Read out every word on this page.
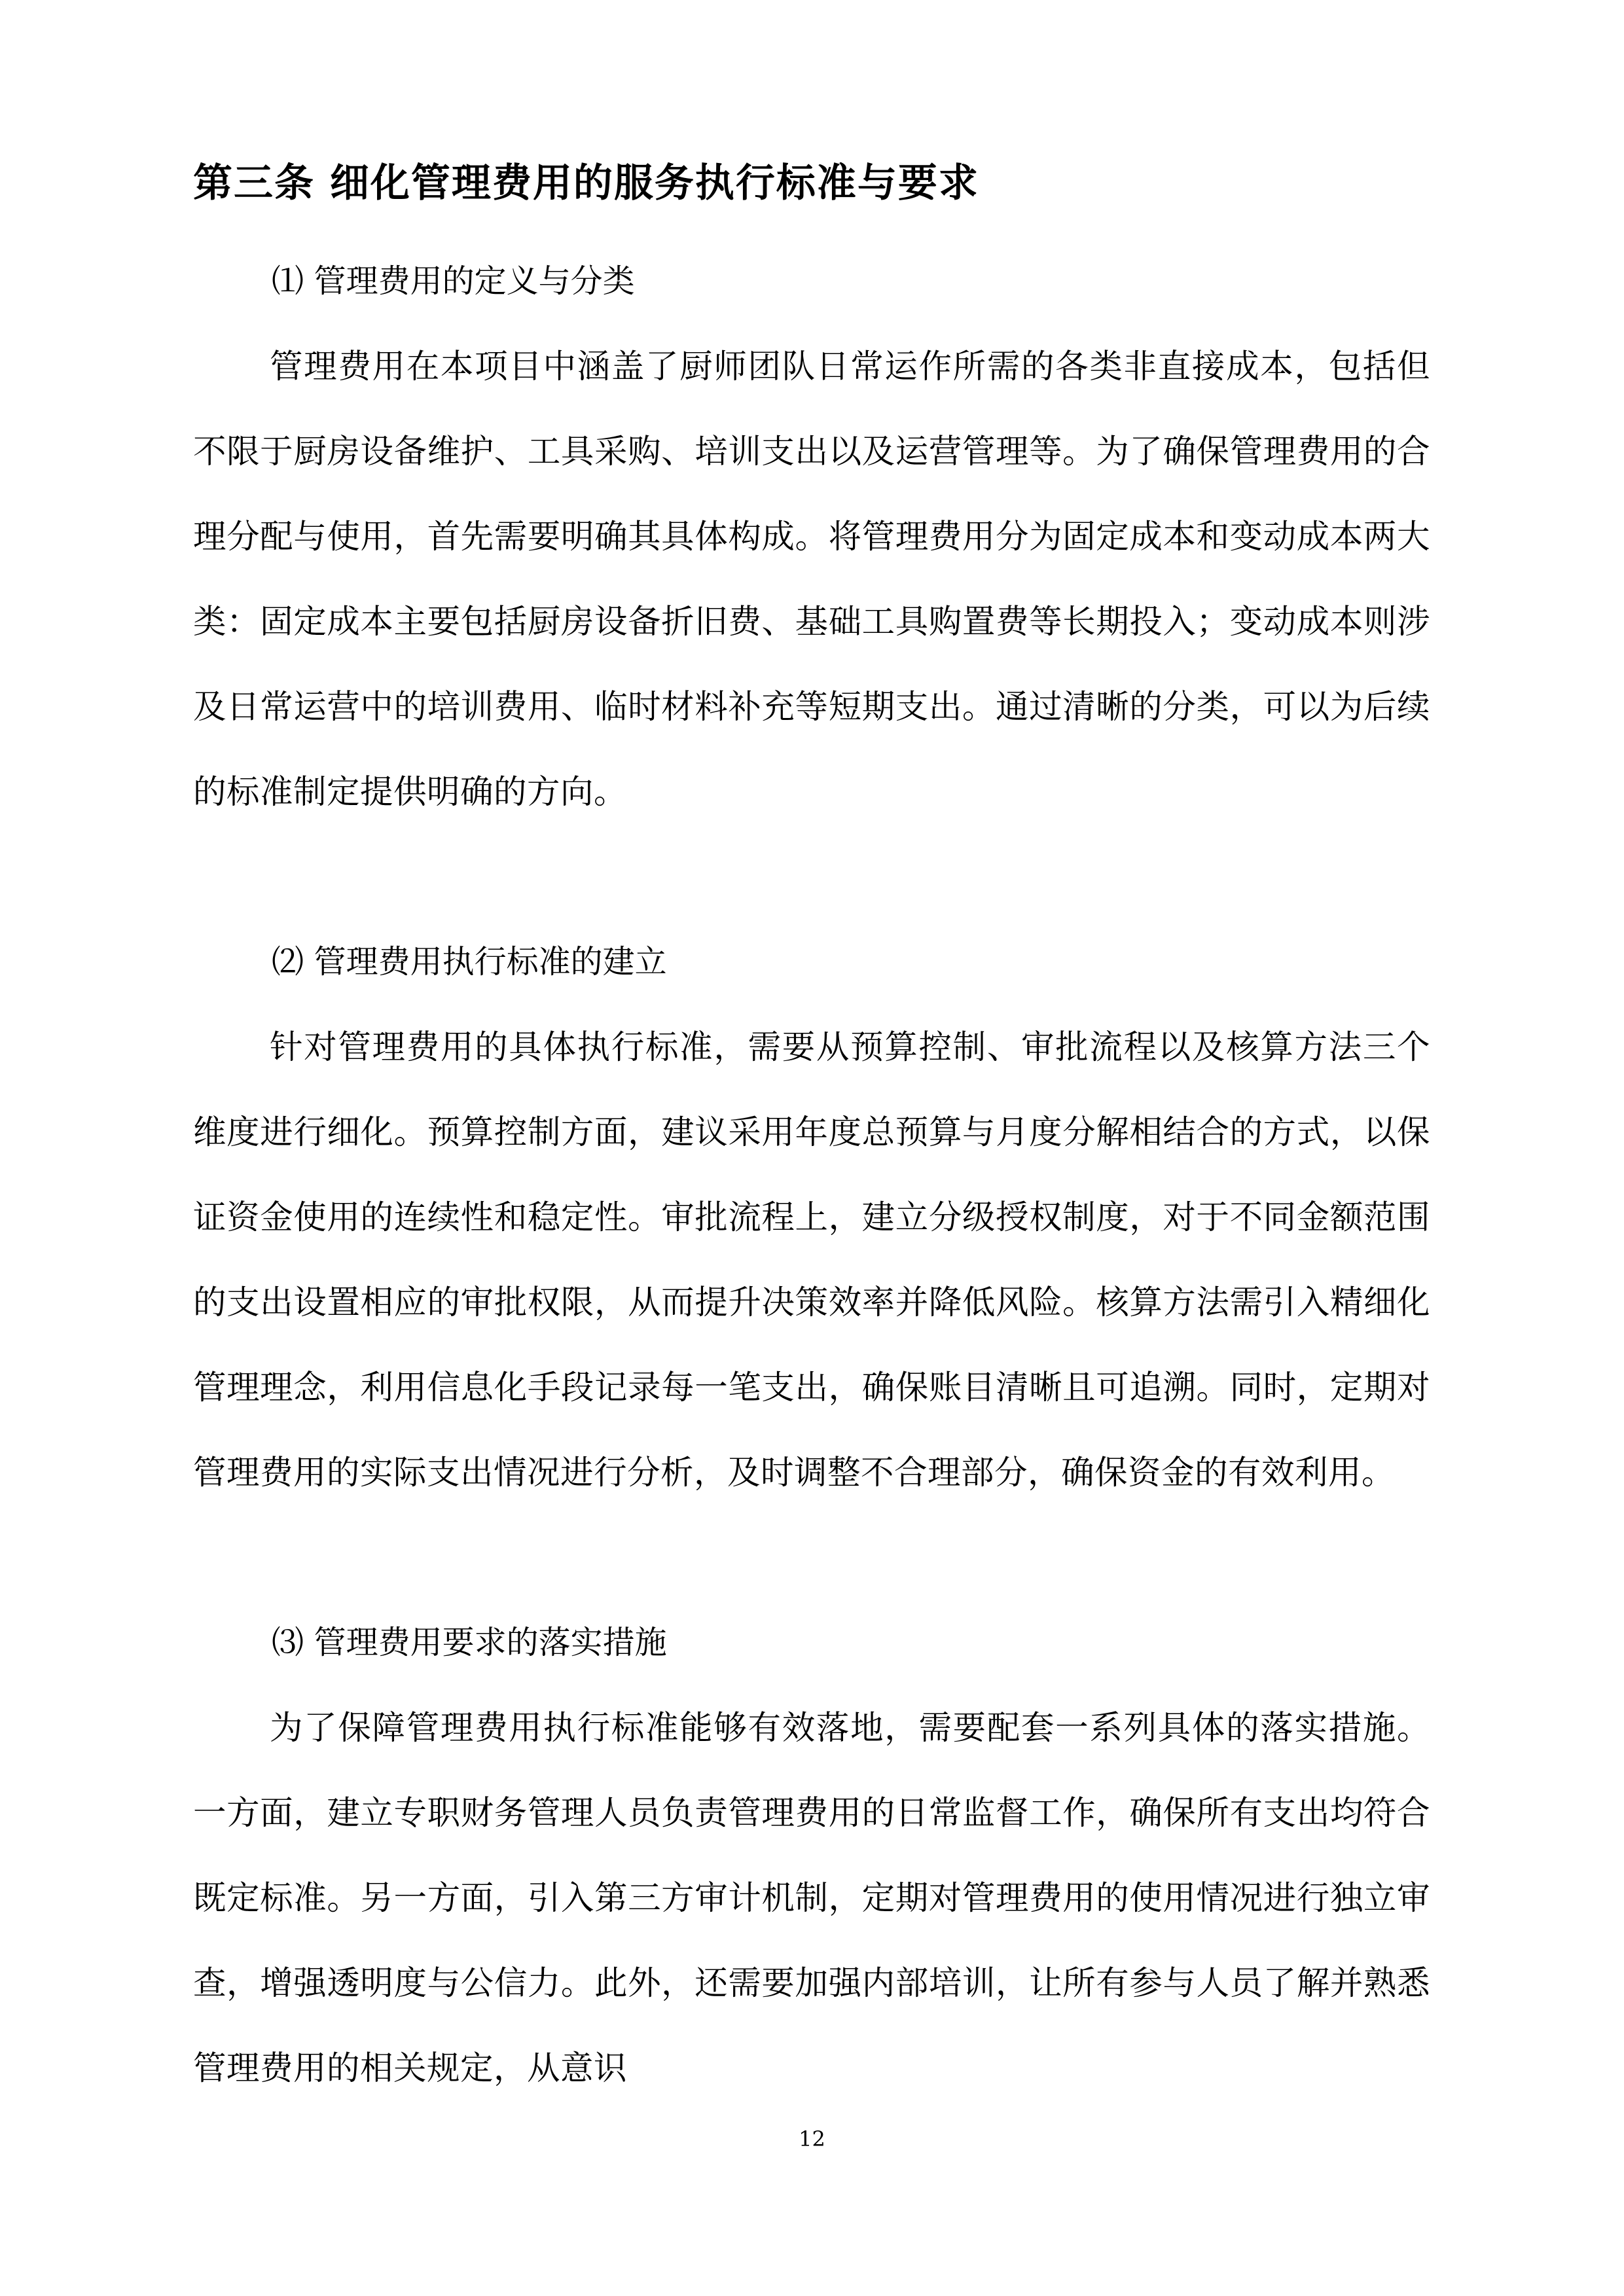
第三条 细化管理费用的服务执行标准与要求

⑴ 管理费用的定义与分类

管理费用在本项目中涵盖了厨师团队日常运作所需的各类非直接成本，包括但不限于厨房设备维护、工具采购、培训支出以及运营管理等。为了确保管理费用的合理分配与使用，首先需要明确其具体构成。将管理费用分为固定成本和变动成本两大类：固定成本主要包括厨房设备折旧费、基础工具购置费等长期投入；变动成本则涉及日常运营中的培训费用、临时材料补充等短期支出。通过清晰的分类，可以为后续的标准制定提供明确的方向。

⑵ 管理费用执行标准的建立

针对管理费用的具体执行标准，需要从预算控制、审批流程以及核算方法三个维度进行细化。预算控制方面，建议采用年度总预算与月度分解相结合的方式，以保证资金使用的连续性和稳定性。审批流程上，建立分级授权制度，对于不同金额范围的支出设置相应的审批权限，从而提升决策效率并降低风险。核算方法需引入精细化管理理念，利用信息化手段记录每一笔支出，确保账目清晰且可追溯。同时，定期对管理费用的实际支出情况进行分析，及时调整不合理部分，确保资金的有效利用。

⑶ 管理费用要求的落实措施

为了保障管理费用执行标准能够有效落地，需要配套一系列具体的落实措施。一方面，建立专职财务管理人员负责管理费用的日常监督工作，确保所有支出均符合既定标准。另一方面，引入第三方审计机制，定期对管理费用的使用情况进行独立审查，增强透明度与公信力。此外，还需要加强内部培训，让所有参与人员了解并熟悉管理费用的相关规定，从意识

12
